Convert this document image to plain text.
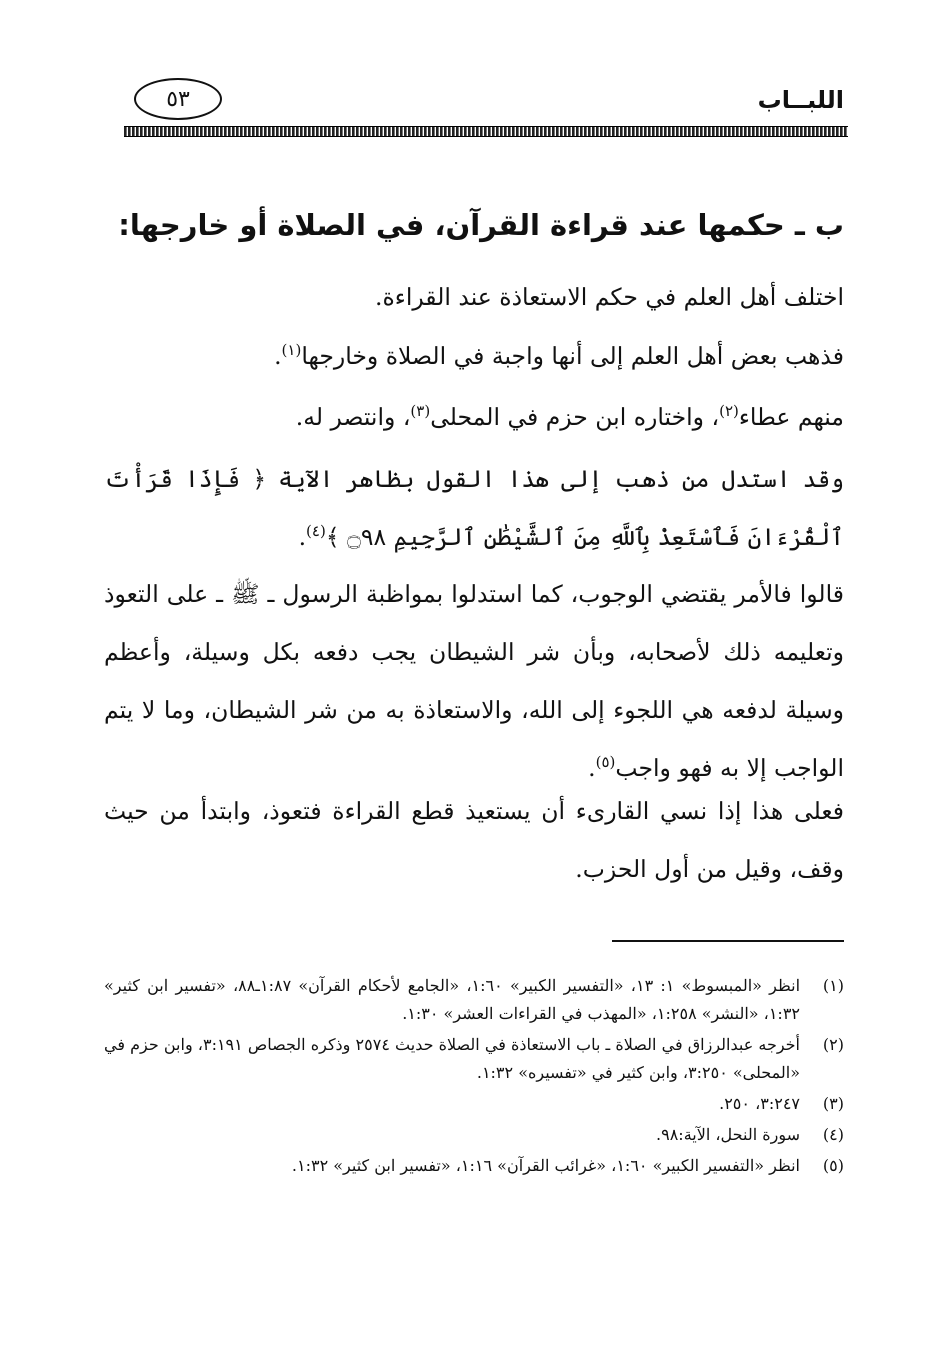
اللبــاب
٥٣
ب ـ حكمها عند قراءة القرآن، في الصلاة أو خارجها:
اختلف أهل العلم في حكم الاستعاذة عند القراءة.
فذهب بعض أهل العلم إلى أنها واجبة في الصلاة وخارجها$^{(١)}$.
منهم عطاء$^{(٢)}$، واختاره ابن حزم في المحلى$^{(٣)}$، وانتصر له.
وقد استدل من ذهب إلى هذا القول بظاهر الآية ﴿ فَإِذَا قَرَأْتَ ٱلْقُرْءَانَ فَٱسْتَعِذْ بِٱللَّهِ مِنَ ٱلشَّيْطَٰنِ ٱلرَّجِيمِ ۝٩٨ ﴾$^{(٤)}$.
قالوا فالأمر يقتضي الوجوب، كما استدلوا بمواظبة الرسول ـ ﷺ ـ على التعوذ وتعليمه ذلك لأصحابه، وبأن شر الشيطان يجب دفعه بكل وسيلة، وأعظم وسيلة لدفعه هي اللجوء إلى الله، والاستعاذة به من شر الشيطان، وما لا يتم الواجب إلا به فهو واجب$^{(٥)}$.
فعلى هذا إذا نسي القارىء أن يستعيذ قطع القراءة فتعوذ، وابتدأ من حيث وقف، وقيل من أول الحزب.
(١)
انظر «المبسوط» ١: ١٣، «التفسير الكبير» ١:٦٠، «الجامع لأحكام القرآن» ١:٨٧ـ٨٨، «تفسير ابن كثير» ١:٣٢، «النشر» ١:٢٥٨، «المهذب في القراءات العشر» ١:٣٠.
(٢)
أخرجه عبدالرزاق في الصلاة ـ باب الاستعاذة في الصلاة حديث ٢٥٧٤ وذكره الجصاص ٣:١٩١، وابن حزم في «المحلى» ٣:٢٥٠، وابن كثير في «تفسيره» ١:٣٢.
(٣)
٣:٢٤٧، ٢٥٠.
(٤)
سورة النحل، الآية:٩٨.
(٥)
انظر «التفسير الكبير» ١:٦٠، «غرائب القرآن» ١:١٦، «تفسير ابن كثير» ١:٣٢.
